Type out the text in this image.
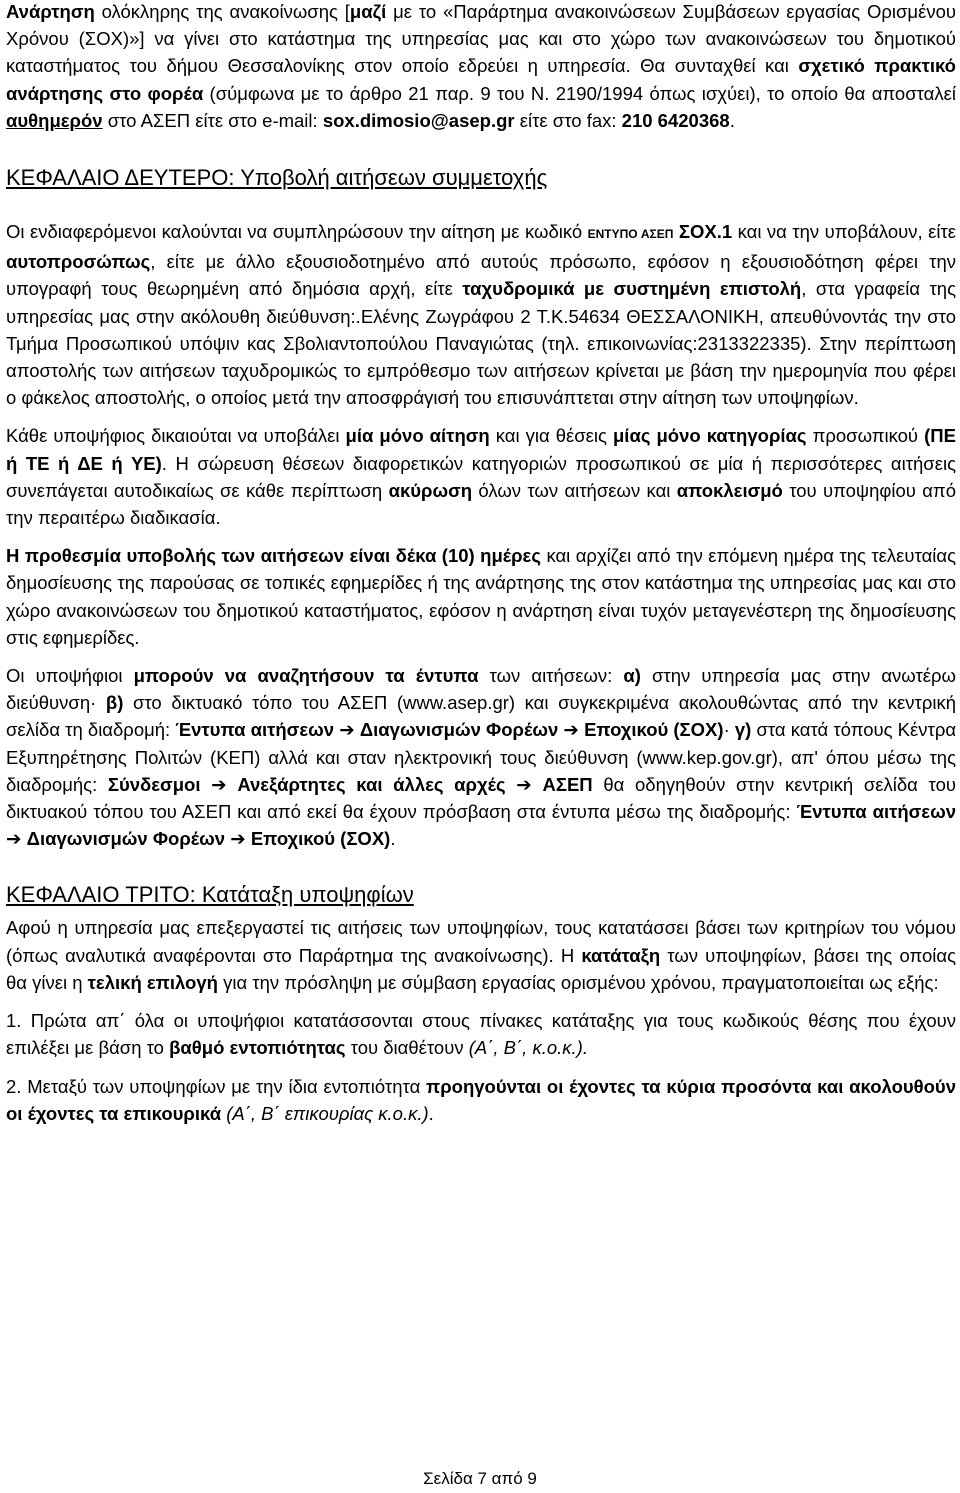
Ανάρτηση ολόκληρης της ανακοίνωσης [μαζί με το «Παράρτημα ανακοινώσεων Συμβάσεων εργασίας Ορισμένου Χρόνου (ΣΟΧ)»] να γίνει στο κατάστημα της υπηρεσίας μας και στο χώρο των ανακοινώσεων του δημοτικού καταστήματος του δήμου Θεσσαλονίκης στον οποίο εδρεύει η υπηρεσία. Θα συνταχθεί και σχετικό πρακτικό ανάρτησης στο φορέα (σύμφωνα με το άρθρο 21 παρ. 9 του Ν. 2190/1994 όπως ισχύει), το οποίο θα αποσταλεί αυθημερόν στο ΑΣΕΠ είτε στο e-mail: sox.dimosio@asep.gr είτε στο fax: 210 6420368.

ΚΕΦΑΛΑΙΟ ΔΕΥΤΕΡΟ: Υποβολή αιτήσεων συμμετοχής

Οι ενδιαφερόμενοι καλούνται να συμπληρώσουν την αίτηση με κωδικό ΕΝΤΥΠΟ ΑΣΕΠ ΣΟΧ.1 και να την υποβάλουν, είτε αυτοπροσώπως, είτε με άλλο εξουσιοδοτημένο από αυτούς πρόσωπο, εφόσον η εξουσιοδότηση φέρει την υπογραφή τους θεωρημένη από δημόσια αρχή, είτε ταχυδρομικά με συστημένη επιστολή, στα γραφεία της υπηρεσίας μας στην ακόλουθη διεύθυνση:.Ελένης Ζωγράφου 2 Τ.Κ.54634 ΘΕΣΣΑΛΟΝΙΚΗ, απευθύνοντάς την στο Τμήμα Προσωπικού υπόψιν κας Σβολιαντοπούλου Παναγιώτας (τηλ. επικοινωνίας:2313322335). Στην περίπτωση αποστολής των αιτήσεων ταχυδρομικώς το εμπρόθεσμο των αιτήσεων κρίνεται με βάση την ημερομηνία που φέρει ο φάκελος αποστολής, ο οποίος μετά την αποσφράγισή του επισυνάπτεται στην αίτηση των υποψηφίων.

Κάθε υποψήφιος δικαιούται να υποβάλει μία μόνο αίτηση και για θέσεις μίας μόνο κατηγορίας προσωπικού (ΠΕ ή ΤΕ ή ΔΕ ή ΥΕ). Η σώρευση θέσεων διαφορετικών κατηγοριών προσωπικού σε μία ή περισσότερες αιτήσεις συνεπάγεται αυτοδικαίως σε κάθε περίπτωση ακύρωση όλων των αιτήσεων και αποκλεισμό του υποψηφίου από την περαιτέρω διαδικασία.

Η προθεσμία υποβολής των αιτήσεων είναι δέκα (10) ημέρες και αρχίζει από την επόμενη ημέρα της τελευταίας δημοσίευσης της παρούσας σε τοπικές εφημερίδες ή της ανάρτησης της στον κατάστημα της υπηρεσίας μας και στο χώρο ανακοινώσεων του δημοτικού καταστήματος, εφόσον η ανάρτηση είναι τυχόν μεταγενέστερη της δημοσίευσης στις εφημερίδες.

Οι υποψήφιοι μπορούν να αναζητήσουν τα έντυπα των αιτήσεων: α) στην υπηρεσία μας στην ανωτέρω διεύθυνση· β) στο δικτυακό τόπο του ΑΣΕΠ (www.asep.gr) και συγκεκριμένα ακολουθώντας από την κεντρική σελίδα τη διαδρομή: Έντυπα αιτήσεων ➔ Διαγωνισμών Φορέων ➔ Εποχικού (ΣΟΧ)· γ) στα κατά τόπους Κέντρα Εξυπηρέτησης Πολιτών (ΚΕΠ) αλλά και σταν ηλεκτρονική τους διεύθυνση (www.kep.gov.gr), απ' όπου μέσω της διαδρομής: Σύνδεσμοι ➔ Ανεξάρτητες και άλλες αρχές ➔ ΑΣΕΠ θα οδηγηθούν στην κεντρική σελίδα του δικτυακού τόπου του ΑΣΕΠ και από εκεί θα έχουν πρόσβαση στα έντυπα μέσω της διαδρομής: Έντυπα αιτήσεων ➔ Διαγωνισμών Φορέων ➔ Εποχικού (ΣΟΧ).

ΚΕΦΑΛΑΙΟ ΤΡΙΤΟ: Κατάταξη υποψηφίων

Αφού η υπηρεσία μας επεξεργαστεί τις αιτήσεις των υποψηφίων, τους κατατάσσει βάσει των κριτηρίων του νόμου (όπως αναλυτικά αναφέρονται στο Παράρτημα της ανακοίνωσης). Η κατάταξη των υποψηφίων, βάσει της οποίας θα γίνει η τελική επιλογή για την πρόσληψη με σύμβαση εργασίας ορισμένου χρόνου, πραγματοποιείται ως εξής:

1. Πρώτα απ΄ όλα οι υποψήφιοι κατατάσσονται στους πίνακες κατάταξης για τους κωδικούς θέσης που έχουν επιλέξει με βάση το βαθμό εντοπιότητας του διαθέτουν (Α΄, Β΄, κ.ο.κ.).

2. Μεταξύ των υποψηφίων με την ίδια εντοπιότητα προηγούνται οι έχοντες τα κύρια προσόντα και ακολουθούν οι έχοντες τα επικουρικά (Α΄, Β΄ επικουρίας κ.ο.κ.).

Σελίδα 7 από 9
